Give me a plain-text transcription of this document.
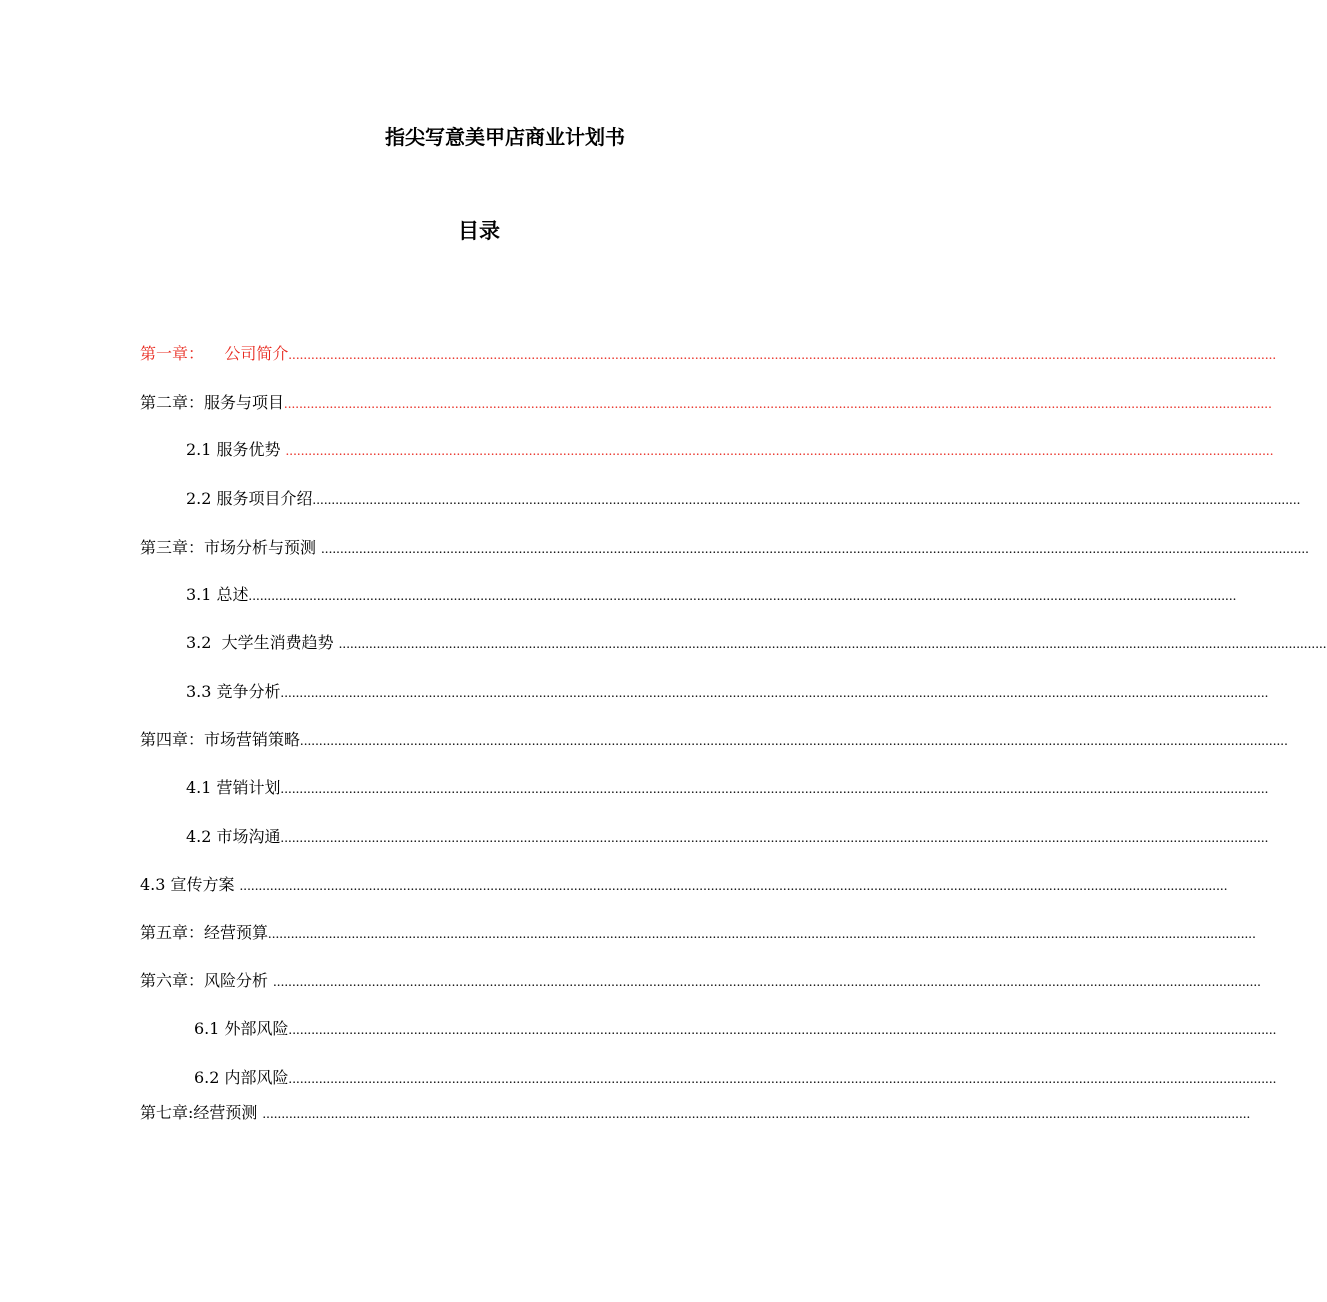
指尖写意美甲店商业计划书
目录
第一章：    公司简介 ....................................................................................................................................................................................................................................................................
第二章：服务与项目 ....................................................................................................................................................................................................................................................................
2.1 服务优势 ....................................................................................................................................................................................................................................................................
2.2 服务项目介绍 ....................................................................................................................................................................................................................................................................
第三章：市场分析与预测 ....................................................................................................................................................................................................................................................................
3.1 总述 ....................................................................................................................................................................................................................................................................
3.2  大学生消费趋势 ....................................................................................................................................................................................................................................................................
3.3 竞争分析 ....................................................................................................................................................................................................................................................................
第四章：市场营销策略 ....................................................................................................................................................................................................................................................................
4.1 营销计划 ....................................................................................................................................................................................................................................................................
4.2 市场沟通 ....................................................................................................................................................................................................................................................................
4.3 宣传方案 ....................................................................................................................................................................................................................................................................
第五章：经营预算 ....................................................................................................................................................................................................................................................................
第六章：风险分析 ....................................................................................................................................................................................................................................................................
6.1 外部风险 ....................................................................................................................................................................................................................................................................
6.2 内部风险 ....................................................................................................................................................................................................................................................................
第七章:经营预测 ....................................................................................................................................................................................................................................................................
